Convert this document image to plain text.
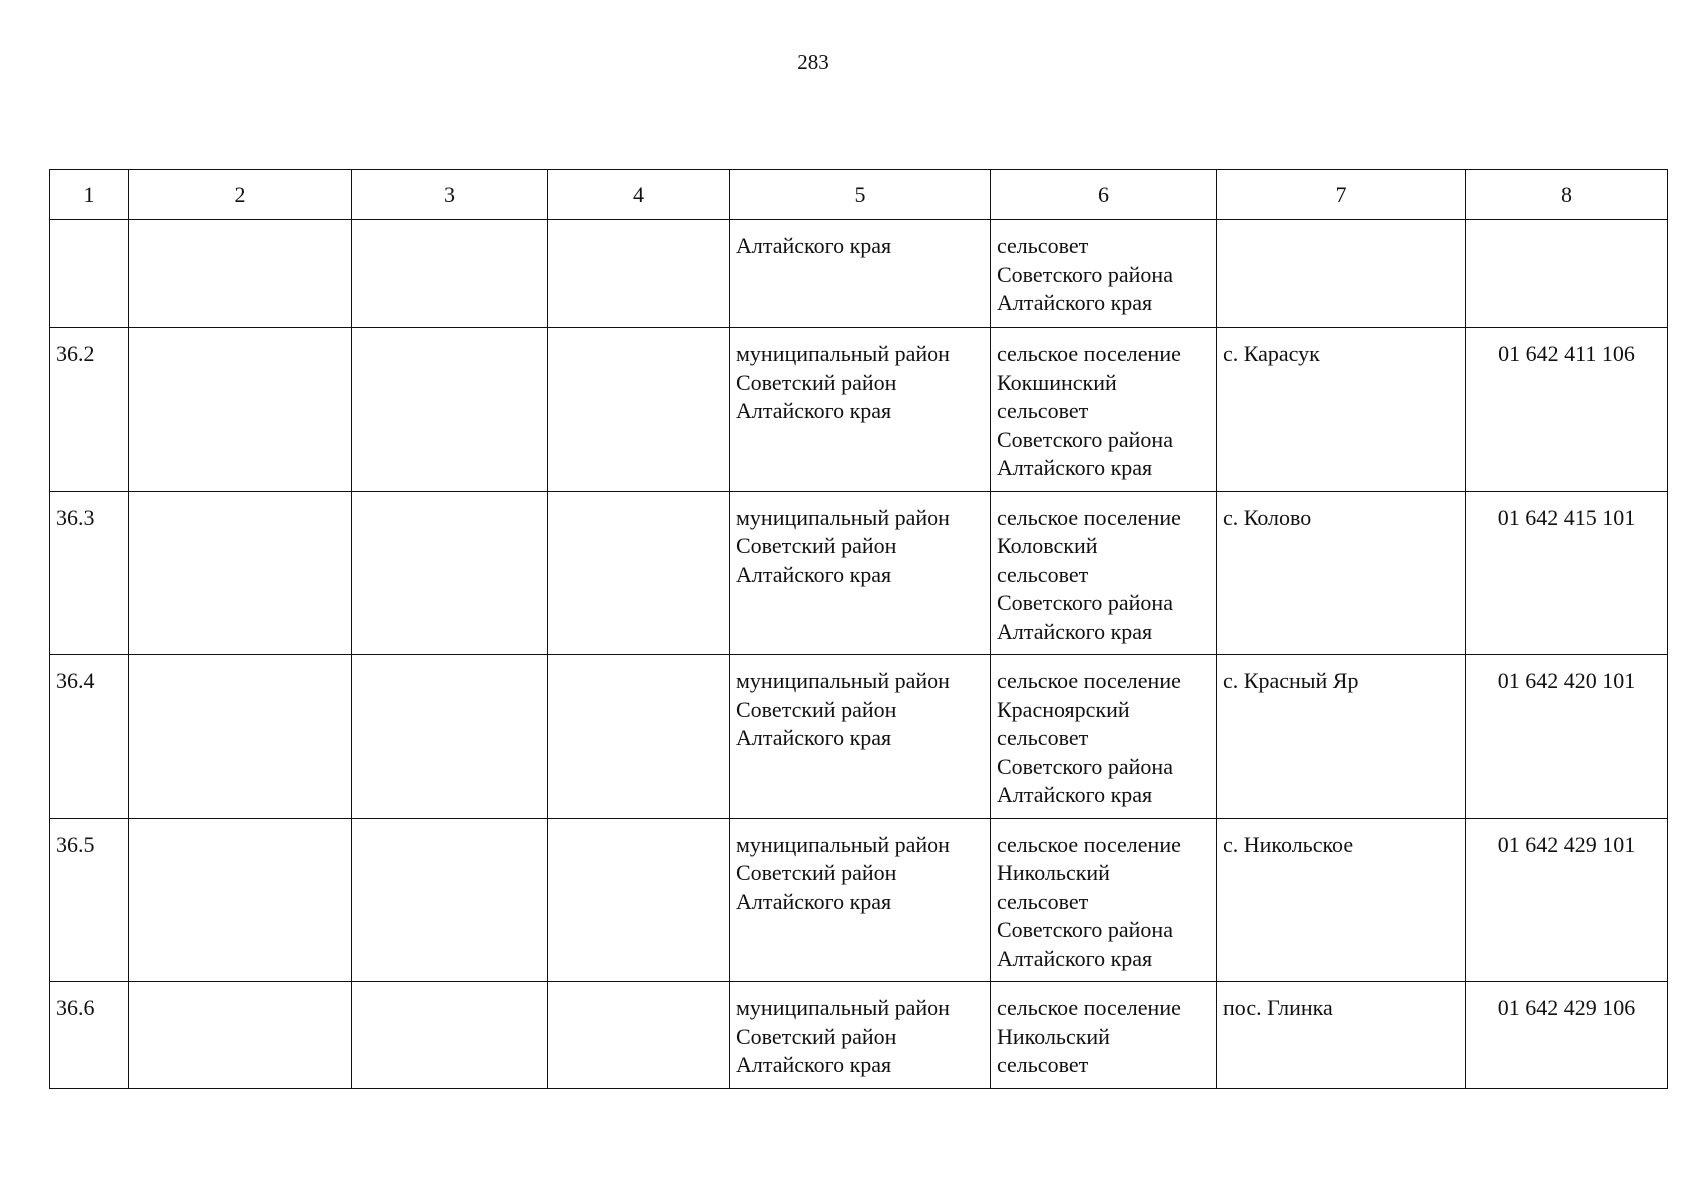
283
1	2	3	4	5	6	7	8

				Алтайского края	сельсовет
Советского района
Алтайского края		

36.2				муниципальный район
Советский район
Алтайского края	сельское поселение
Кокшинский
сельсовет
Советского района
Алтайского края	с. Карасук	01 642 411 106
36.3				муниципальный район
Советский район
Алтайского края	сельское поселение
Коловский
сельсовет
Советского района
Алтайского края	с. Колово	01 642 415 101
36.4				муниципальный район
Советский район
Алтайского края	сельское поселение
Красноярский
сельсовет
Советского района
Алтайского края	с. Красный Яр	01 642 420 101
36.5				муниципальный район
Советский район
Алтайского края	сельское поселение
Никольский
сельсовет
Советского района
Алтайского края	с. Никольское	01 642 429 101
36.6				муниципальный район
Советский район
Алтайского края	сельское поселение
Никольский
сельсовет	пос. Глинка	01 642 429 106
